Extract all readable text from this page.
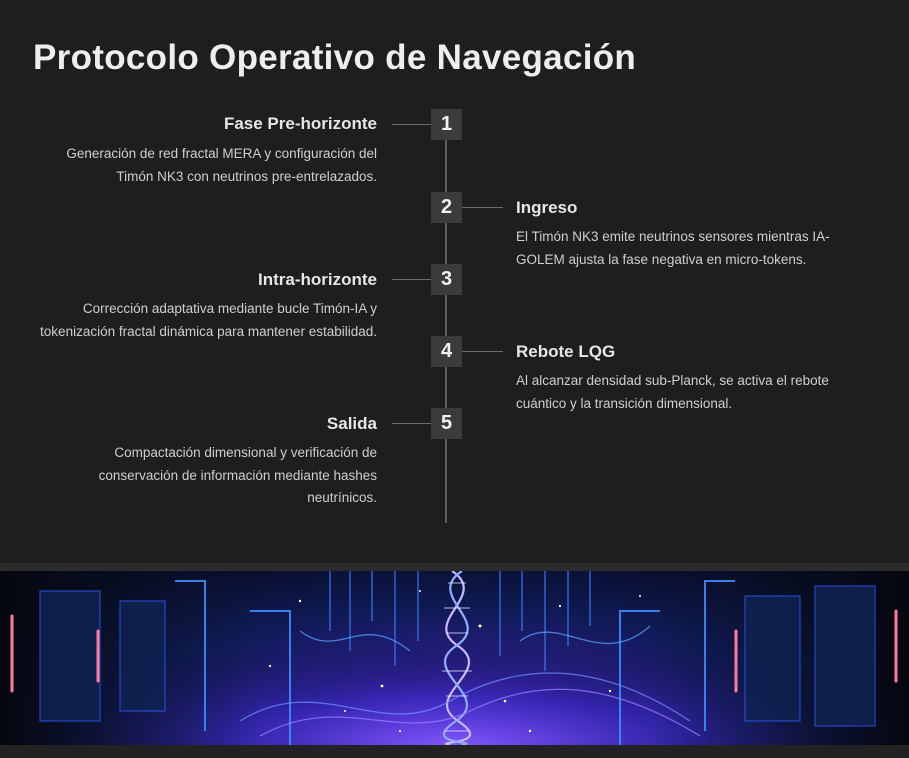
Protocolo Operativo de Navegación
1
Fase Pre-horizonte

Generación de red fractal MERA y configuración del Timón NK3 con neutrinos pre-entrelazados.

2	Ingreso

El Timón NK3 emite neutrinos sensores mientras IA-GOLEM ajusta la fase negativa en micro-tokens.

3
Intra-horizonte

Corrección adaptativa mediante bucle Timón-IA y tokenización fractal dinámica para mantener estabilidad.

4	Rebote LQG

Al alcanzar densidad sub-Planck, se activa el rebote cuántico y la transición dimensional.

5
Salida

Compactación dimensional y verificación de conservación de información mediante hashes neutrínicos.
